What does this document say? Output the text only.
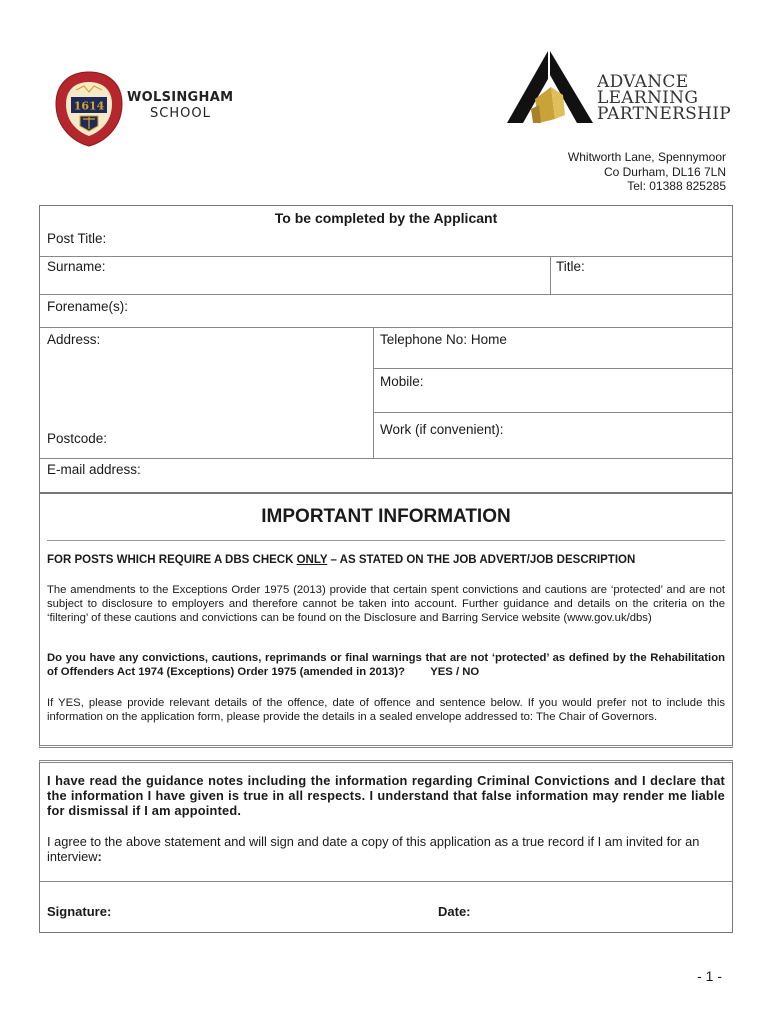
1614
WOLSINGHAM
SCHOOL
ADVANCE
LEARNING
PARTNERSHIP
Whitworth Lane, Spennymoor
Co Durham, DL16 7LN
Tel: 01388 825285
To be completed by the Applicant
Post Title:
Surname:	Title:
Forename(s):
Address:
Postcode:
Telephone No: Home
Mobile:
Work (if convenient):
E-mail address:
IMPORTANT INFORMATION
FOR POSTS WHICH REQUIRE A DBS CHECK ONLY – AS STATED ON THE JOB ADVERT/JOB DESCRIPTION
The amendments to the Exceptions Order 1975 (2013) provide that certain spent convictions and cautions are ‘protected’ and are not subject to disclosure to employers and therefore cannot be taken into account. Further guidance and details on the criteria on the ‘filtering’ of these cautions and convictions can be found on the Disclosure and Barring Service website (www.gov.uk/dbs)
Do you have any convictions, cautions, reprimands or final warnings that are not ‘protected’ as defined by the Rehabilitation of Offenders Act 1974 (Exceptions) Order 1975 (amended in 2013)? YES / NO
If YES, please provide relevant details of the offence, date of offence and sentence below. If you would prefer not to include this information on the application form, please provide the details in a sealed envelope addressed to: The Chair of Governors.
I have read the guidance notes including the information regarding Criminal Convictions and I declare that the information I have given is true in all respects. I understand that false information may render me liable for dismissal if I am appointed.
I agree to the above statement and will sign and date a copy of this application as a true record if I am invited for an interview:
Signature:	Date:
- 1 -
